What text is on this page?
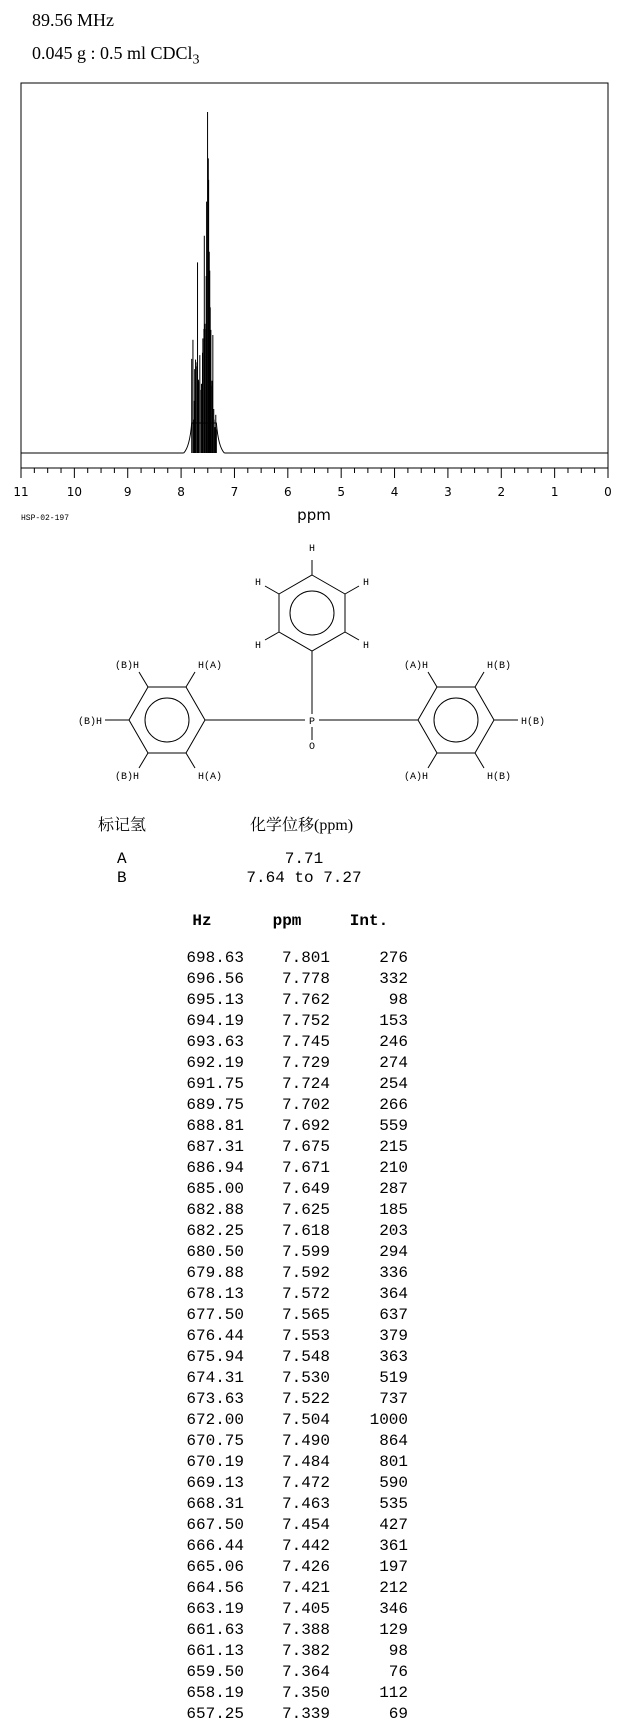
89.56 MHz
0.045 g : 0.5 ml CDCl$_3$
11	10	9	8	7	6	5	4	3	2	1	0
HSP-02-197	ppm
H
H	H
H	H
P
O
(B)H	H(A)
(B)H
(B)H	H(A)
(A)H	H(B)
H(B)
(A)H	H(B)
标记氢	化学位移(ppm)
A	7.71
B	7.64 to 7.27
Hz	ppm	Int.
698.63	7.801	276
696.56	7.778	332
695.13	7.762	98
694.19	7.752	153
693.63	7.745	246
692.19	7.729	274
691.75	7.724	254
689.75	7.702	266
688.81	7.692	559
687.31	7.675	215
686.94	7.671	210
685.00	7.649	287
682.88	7.625	185
682.25	7.618	203
680.50	7.599	294
679.88	7.592	336
678.13	7.572	364
677.50	7.565	637
676.44	7.553	379
675.94	7.548	363
674.31	7.530	519
673.63	7.522	737
672.00	7.504	1000
670.75	7.490	864
670.19	7.484	801
669.13	7.472	590
668.31	7.463	535
667.50	7.454	427
666.44	7.442	361
665.06	7.426	197
664.56	7.421	212
663.19	7.405	346
661.63	7.388	129
661.13	7.382	98
659.50	7.364	76
658.19	7.350	112
657.25	7.339	69
